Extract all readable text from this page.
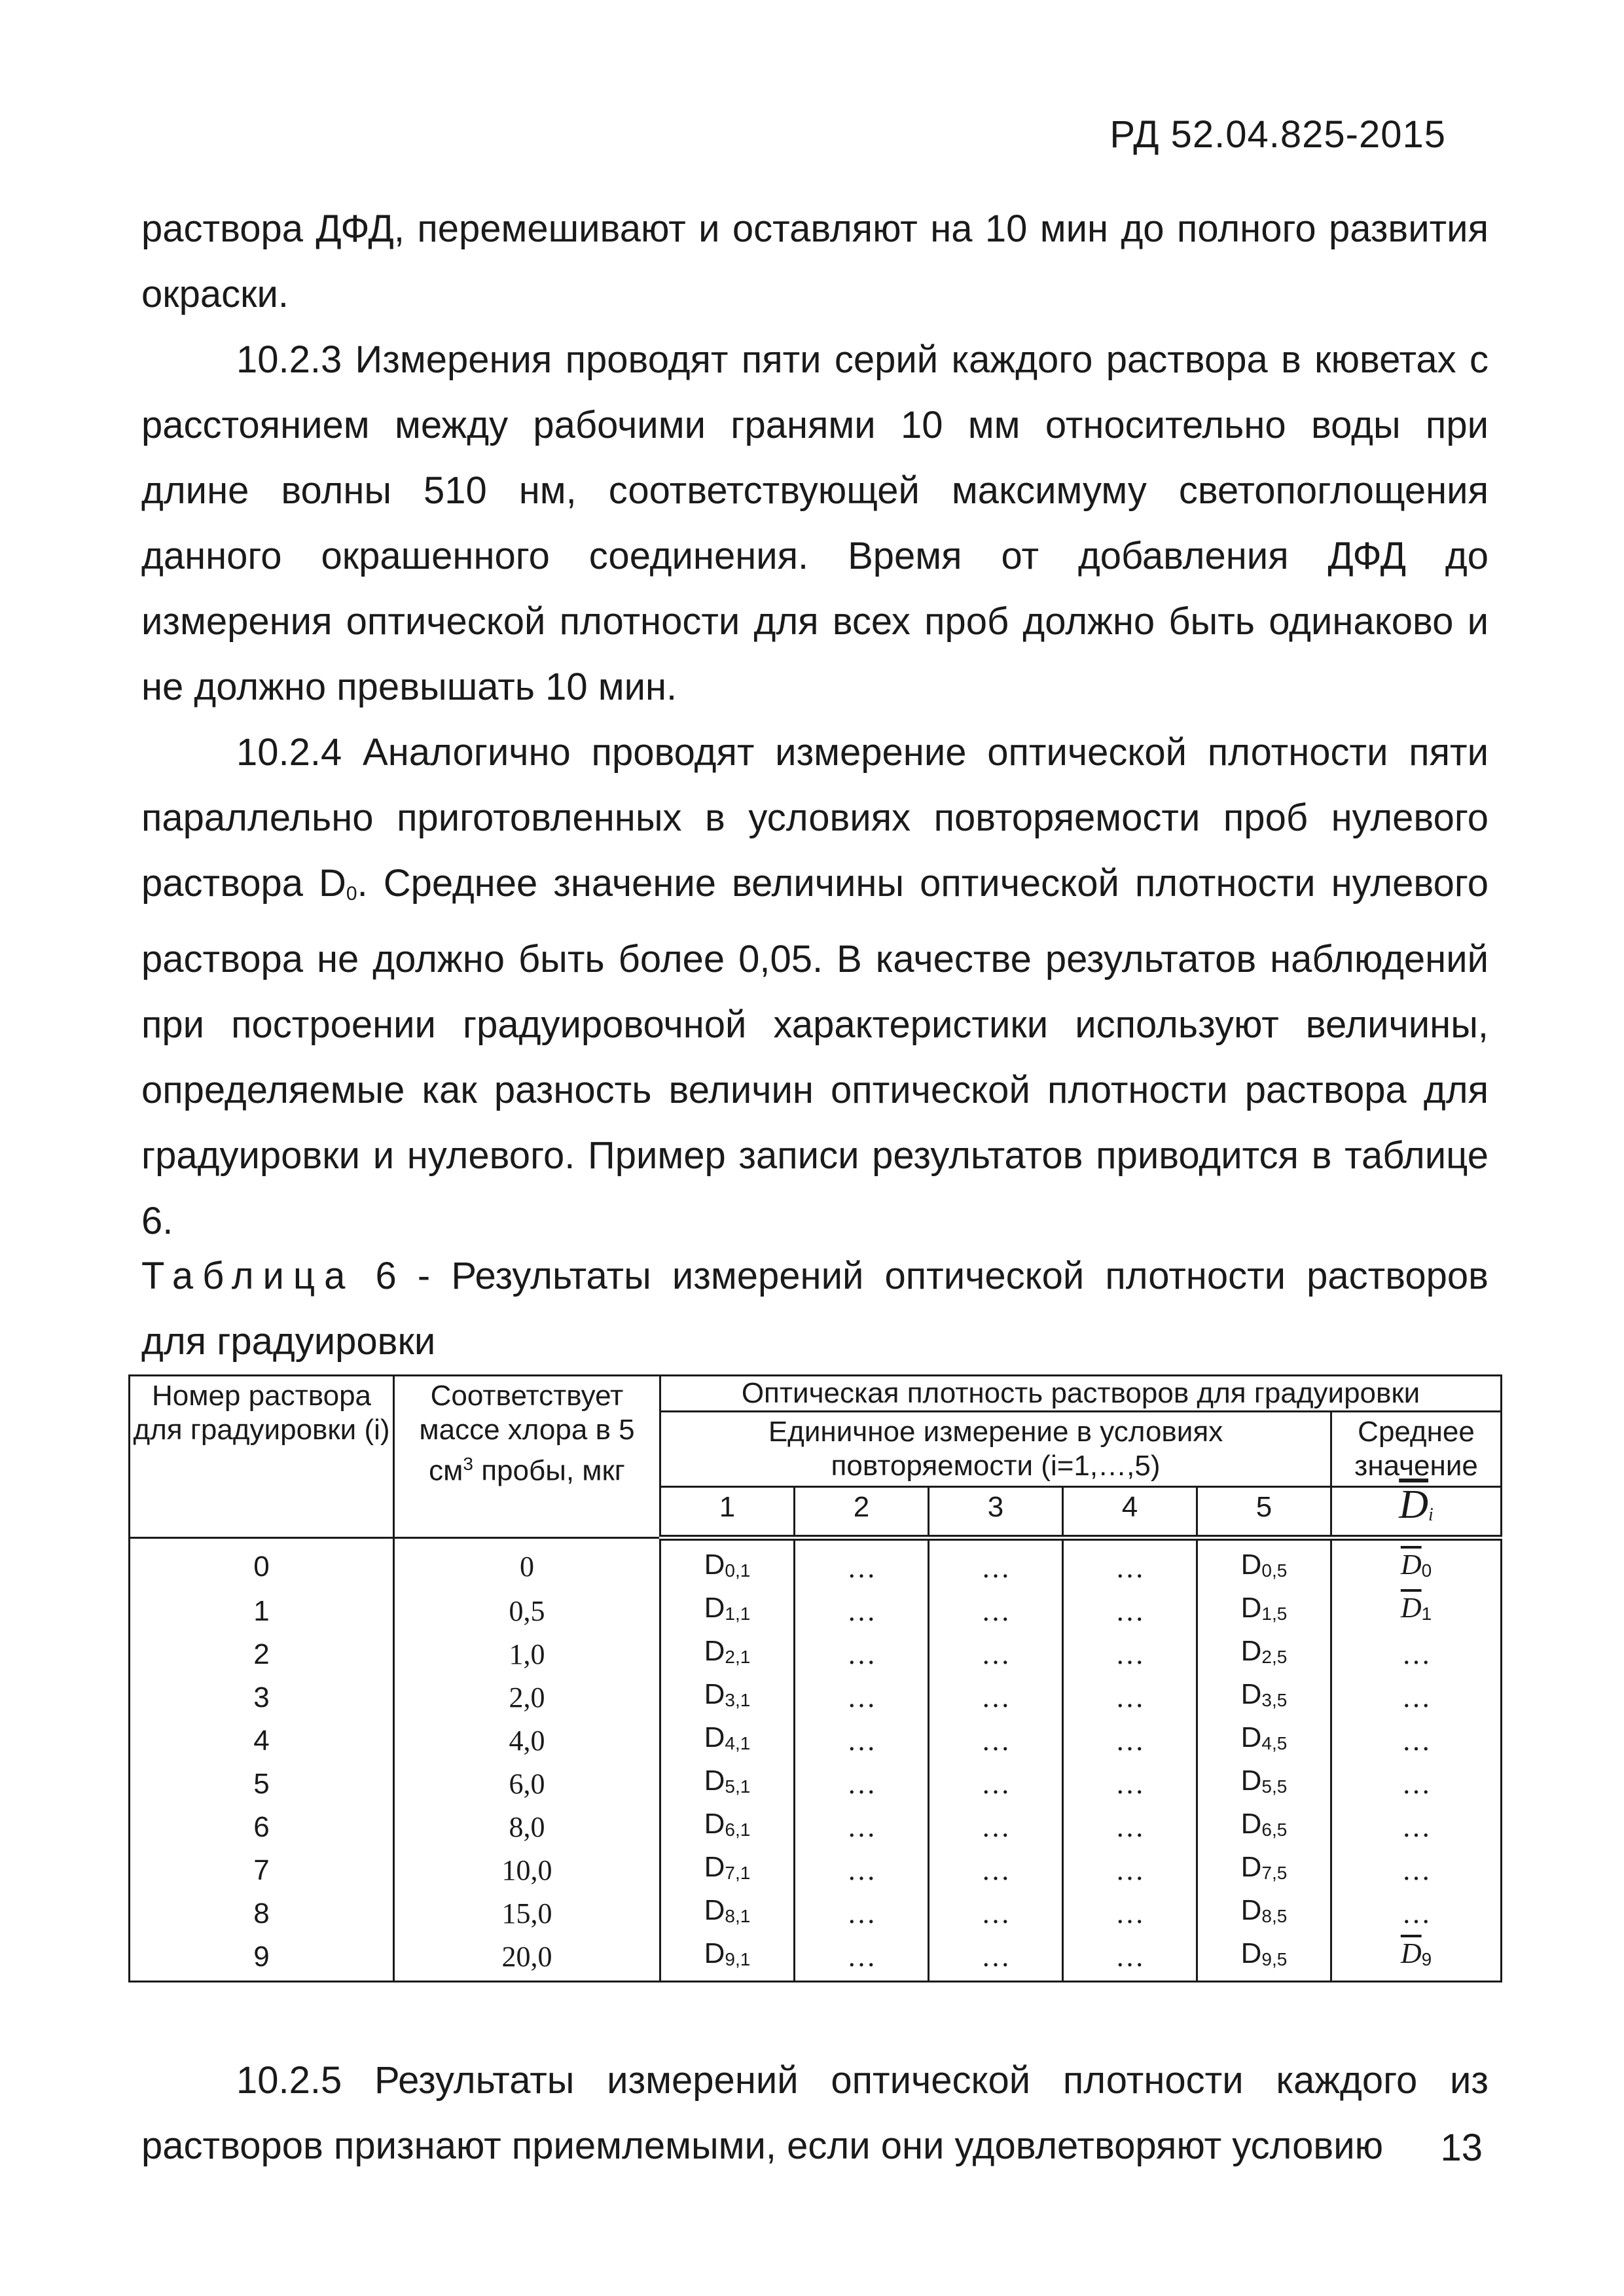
РД 52.04.825-2015

раствора ДФД, перемешивают и оставляют на 10 мин до полного развития окраски.

10.2.3 Измерения проводят пяти серий каждого раствора в кюветах с расстоянием между рабочими гранями 10 мм относительно воды при длине волны 510 нм, соответствующей максимуму светопоглощения данного окрашенного соединения. Время от добавления ДФД до измерения оптической плотности для всех проб должно быть одинаково и не должно превышать 10 мин.

10.2.4 Аналогично проводят измерение оптической плотности пяти параллельно приготовленных в условиях повторяемости проб нулевого раствора $D_0$. Среднее значение величины оптической плотности нулевого раствора не должно быть более 0,05. В качестве результатов наблюдений при построении градуировочной характеристики используют величины, определяемые как разность величин оптической плотности раствора для градуировки и нулевого. Пример записи результатов приводится в таблице 6.

Таблица 6 - Результаты измерений оптической плотности растворов для градуировки

Номер раствора для градуировки (i)	Соответствует массе хлора в 5 $см^3$ пробы, мкг	Оптическая плотность растворов для градуировки					
		Единичное измерение в условиях повторяемости (i=1,…,5)					Среднее значение
		1	2	3	4	5	$\overline{D}_i$
0	0	$D_{0,1}$	…	…	…	$D_{0,5}$	$\overline{D}_0$
1	0,5	$D_{1,1}$	…	…	…	$D_{1,5}$	$\overline{D}_1$
2	1,0	$D_{2,1}$	…	…	…	$D_{2,5}$	…
3	2,0	$D_{3,1}$	…	…	…	$D_{3,5}$	…
4	4,0	$D_{4,1}$	…	…	…	$D_{4,5}$	…
5	6,0	$D_{5,1}$	…	…	…	$D_{5,5}$	…
6	8,0	$D_{6,1}$	…	…	…	$D_{6,5}$	…
7	10,0	$D_{7,1}$	…	…	…	$D_{7,5}$	…
8	15,0	$D_{8,1}$	…	…	…	$D_{8,5}$	…
9	20,0	$D_{9,1}$	…	…	…	$D_{9,5}$	$\overline{D}_9$
13

10.2.5 Результаты измерений оптической плотности каждого из растворов признают приемлемыми, если они удовлетворяют условию
